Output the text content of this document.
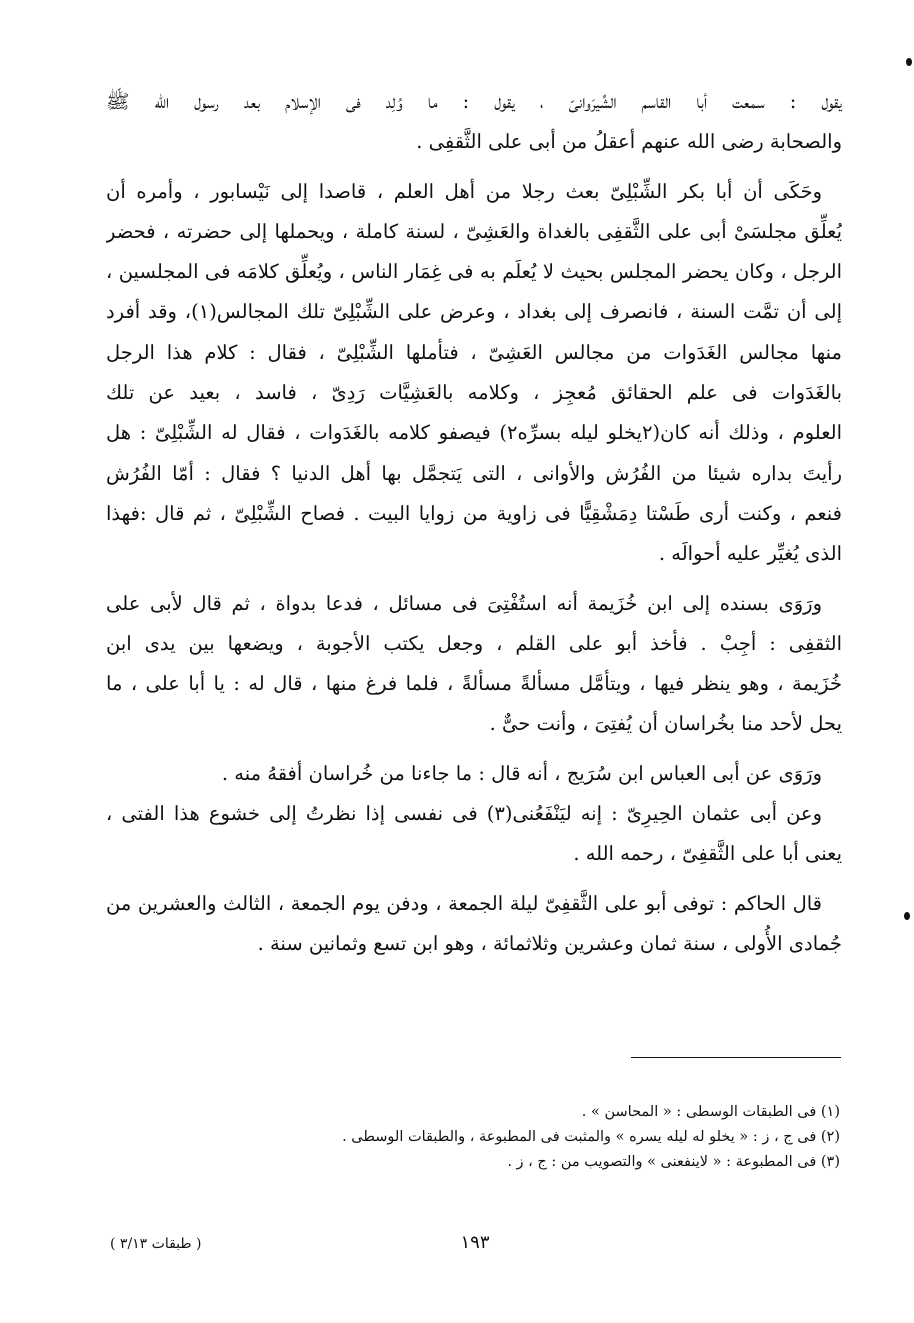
يقول : سمعت أبا القاسم الشِّيرَوانىّ ، يقول : ما وُلِد فى الإسلام بعد رسول الله ﷺ
والصحابة رضى الله عنهم أعقلُ من أبى على الثَّقفِى .
وحَكَى أن أبا بكر الشِّبْلِىّ بعث رجلا من أهل العلم ، قاصدا إلى نَيْسابور ، وأمره أن
يُعلِّق مجلسَىْ أبى على الثَّقفِى بالغداة والعَشِىّ ، لسنة كاملة ، ويحملها إلى حضرته ، فحضر
الرجل ، وكان يحضر المجلس بحيث لا يُعلَم به فى غِمَار الناس ، ويُعلِّق كلامَه فى المجلسين ،
إلى أن تمَّت السنة ، فانصرف إلى بغداد ، وعرض على الشِّبْلِىّ تلك المجالس(١)، وقد أفرد
منها مجالس الغَدَوات من مجالس العَشِىّ ، فتأملها الشِّبْلِىّ ، فقال : كلام هذا الرجل
بالغَدَوات فى علم الحقائق مُعجِز ، وكلامه بالعَشِيَّات رَدِىّ ، فاسد ، بعيد عن تلك
العلوم ، وذلك أنه كان(٢يخلو ليله بسرِّه٢) فيصفو كلامه بالغَدَوات ، فقال له الشِّبْلِىّ : هل
رأيتَ بداره شيئا من الفُرُش والأوانى ، التى يَتجمَّل بها أهل الدنيا ؟ فقال : أمّا الفُرُش
فنعم ، وكنت أرى طَسْتا دِمَشْقِيًّا فى زاوية من زوايا البيت . فصاح الشِّبْلِىّ ، ثم قال :فهذا
الذى يُغيِّر عليه أحوالَه .
ورَوَى بسنده إلى ابن خُزَيمة أنه استُفْتِىَ فى مسائل ، فدعا بدواة ، ثم قال لأبى على
الثقفِى : أجِبْ . فأخذ أبو على القلم ، وجعل يكتب الأجوبة ، ويضعها بين يدى ابن
خُزَيمة ، وهو ينظر فيها ، ويتأمَّل مسألةً مسألةً ، فلما فرغ منها ، قال له : يا أبا على ، ما
يحل لأحد منا بخُراسان أن يُفتِىَ ، وأنت حىٌّ .
ورَوَى عن أبى العباس ابن سُرَيج ، أنه قال : ما جاءنا من خُراسان أفقهُ منه .
وعن أبى عثمان الحِيرِىّ : إنه ليَنْفَعُنى(٣) فى نفسى إذا نظرتُ إلى خشوع هذا الفتى ،
يعنى أبا على الثَّقفِىّ ، رحمه الله .
قال الحاكم : توفى أبو على الثَّقفِىّ ليلة الجمعة ، ودفن يوم الجمعة ، الثالث والعشرين من
جُمادى الأُولى ، سنة ثمان وعشرين وثلاثمائة ، وهو ابن تسع وثمانين سنة .
(١) فى الطبقات الوسطى : « المحاسن » .
(٢) فى ج ، ز : « يخلو له ليله يسره » والمثبت فى المطبوعة ، والطبقات الوسطى .
(٣) فى المطبوعة : « لاينفعنى » والتصويب من : ج ، ز .
١٩٣
( طبقات ٣/١٣ )
